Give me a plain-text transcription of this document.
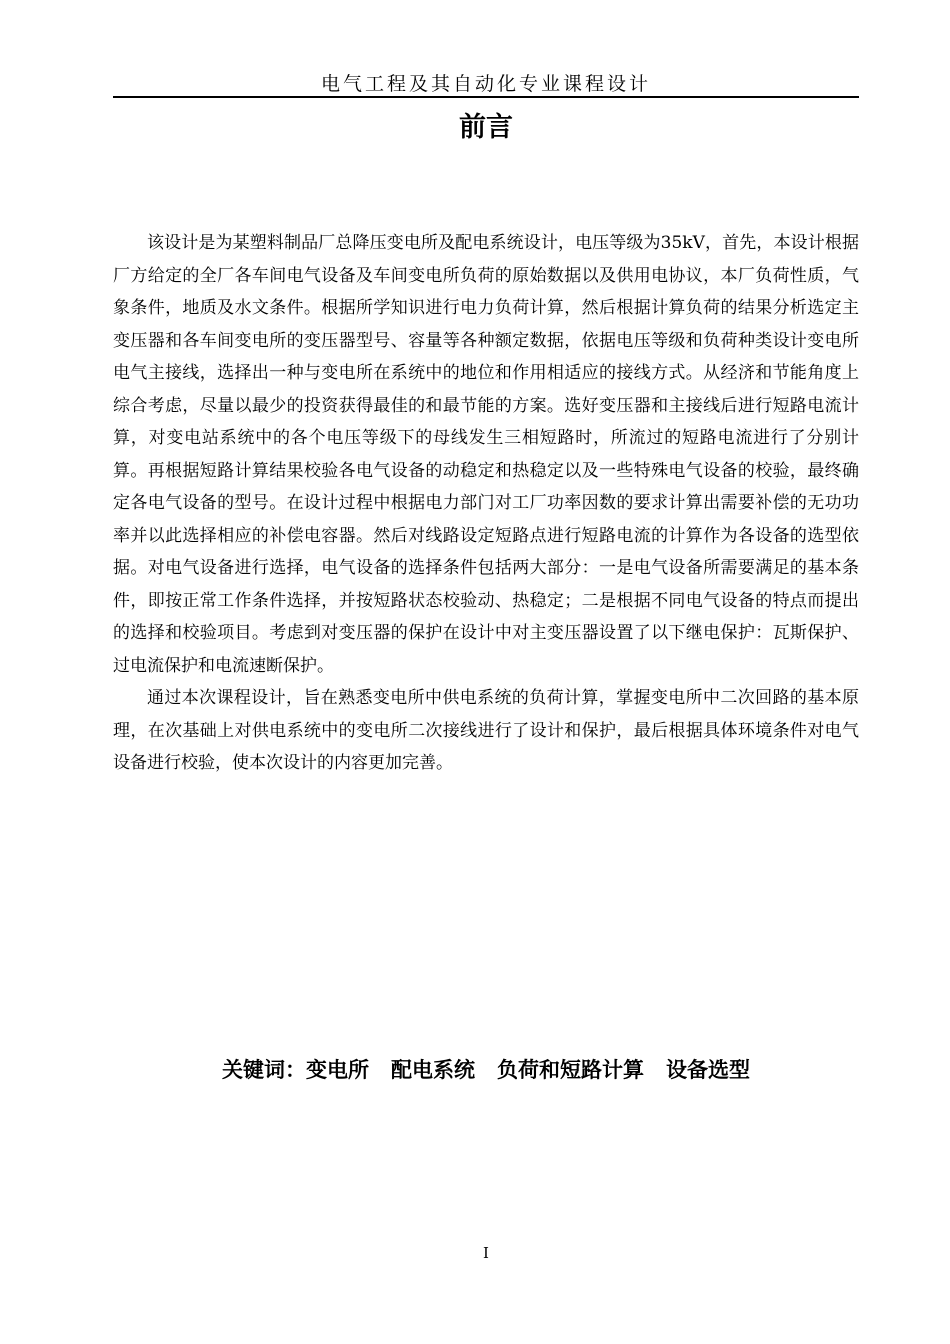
电气工程及其自动化专业课程设计
前言

该设计是为某塑料制品厂总降压变电所及配电系统设计，电压等级为35kV，首先，本设计根据厂方给定的全厂各车间电气设备及车间变电所负荷的原始数据以及供用电协议，本厂负荷性质，气象条件，地质及水文条件。根据所学知识进行电力负荷计算，然后根据计算负荷的结果分析选定主变压器和各车间变电所的变压器型号、容量等各种额定数据，依据电压等级和负荷种类设计变电所电气主接线，选择出一种与变电所在系统中的地位和作用相适应的接线方式。从经济和节能角度上综合考虑，尽量以最少的投资获得最佳的和最节能的方案。选好变压器和主接线后进行短路电流计算，对变电站系统中的各个电压等级下的母线发生三相短路时，所流过的短路电流进行了分别计算。再根据短路计算结果校验各电气设备的动稳定和热稳定以及一些特殊电气设备的校验，最终确定各电气设备的型号。在设计过程中根据电力部门对工厂功率因数的要求计算出需要补偿的无功功率并以此选择相应的补偿电容器。然后对线路设定短路点进行短路电流的计算作为各设备的选型依据。对电气设备进行选择，电气设备的选择条件包括两大部分：一是电气设备所需要满足的基本条件，即按正常工作条件选择，并按短路状态校验动、热稳定；二是根据不同电气设备的特点而提出的选择和校验项目。考虑到对变压器的保护在设计中对主变压器设置了以下继电保护：瓦斯保护、过电流保护和电流速断保护。

通过本次课程设计，旨在熟悉变电所中供电系统的负荷计算，掌握变电所中二次回路的基本原理，在次基础上对供电系统中的变电所二次接线进行了设计和保护，最后根据具体环境条件对电气设备进行校验，使本次设计的内容更加完善。

关键词：变电所 配电系统 负荷和短路计算 设备选型
I
